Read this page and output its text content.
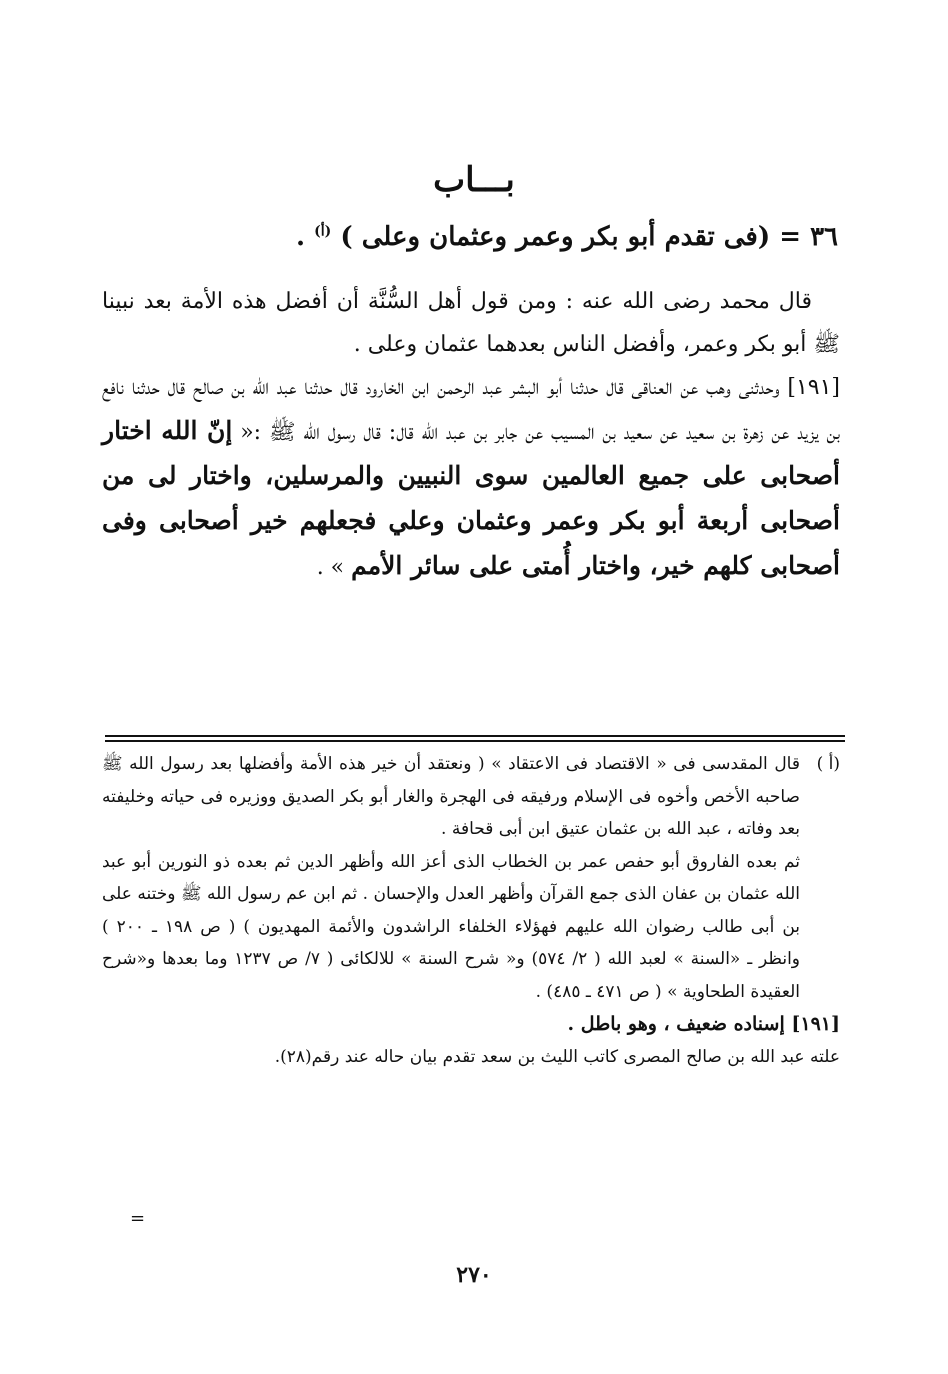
بـــاب
٣٦ = (فى تقدم أبو بكر وعمر وعثمان وعلى ) $^{(أ)}$ .

قال محمد رضى الله عنه : ومن قول أهل السُّنَّة أن أفضل هذه الأمة بعد نبينا ﷺ أبو بكر وعمر، وأفضل الناس بعدهما عثمان وعلى .

[١٩١] وحدثنى وهب عن العناقى قال حدثنا أبو البشر عبد الرحمن ابن الخارود قال حدثنا عبد الله بن صالح قال حدثنا نافع بن يزيد عن زهرة بن سعيد عن سعيد بن المسيب عن جابر بن عبد الله قال: قال رسول الله ﷺ :« إنّ الله اختار أصحابى على جميع العالمين سوى النبيين والمرسلين، واختار لى من أصحابى أربعة أبو بكر وعمر وعثمان وعلي فجعلهم خير أصحابى وفى أصحابى كلهم خير، واختار أُمتى على سائر الأمم » .

(أ )
قال المقدسى فى « الاقتصاد فى الاعتقاد » ( ونعتقد أن خير هذه الأمة وأفضلها بعد رسول الله ﷺ صاحبه الأخص وأخوه فى الإسلام ورفيقه فى الهجرة والغار أبو بكر الصديق ووزيره فى حياته وخليفته بعد وفاته ، عبد الله بن عثمان عتيق ابن أبى قحافة .

ثم بعده الفاروق أبو حفص عمر بن الخطاب الذى أعز الله وأظهر الدين ثم بعده ذو النورين أبو عبد الله عثمان بن عفان الذى جمع القرآن وأظهر العدل والإحسان . ثم ابن عم رسول الله ﷺ وختنه على بن أبى طالب رضوان الله عليهم فهؤلاء الخلفاء الراشدون والأئمة المهديون ) ( ص ١٩٨ ـ ٢٠٠ ) وانظر ـ «السنة » لعبد الله ( ٢/ ٥٧٤) و« شرح السنة » للالكائى ( ٧/ ص ١٢٣٧ وما بعدها و«شرح العقيدة الطحاوية » ( ص ٤٧١ ـ ٤٨٥) .

[١٩١] إسناده ضعيف ، وهو باطل .

علته عبد الله بن صالح المصرى كاتب الليث بن سعد تقدم بيان حاله عند رقم(٢٨).

=
٢٧٠
